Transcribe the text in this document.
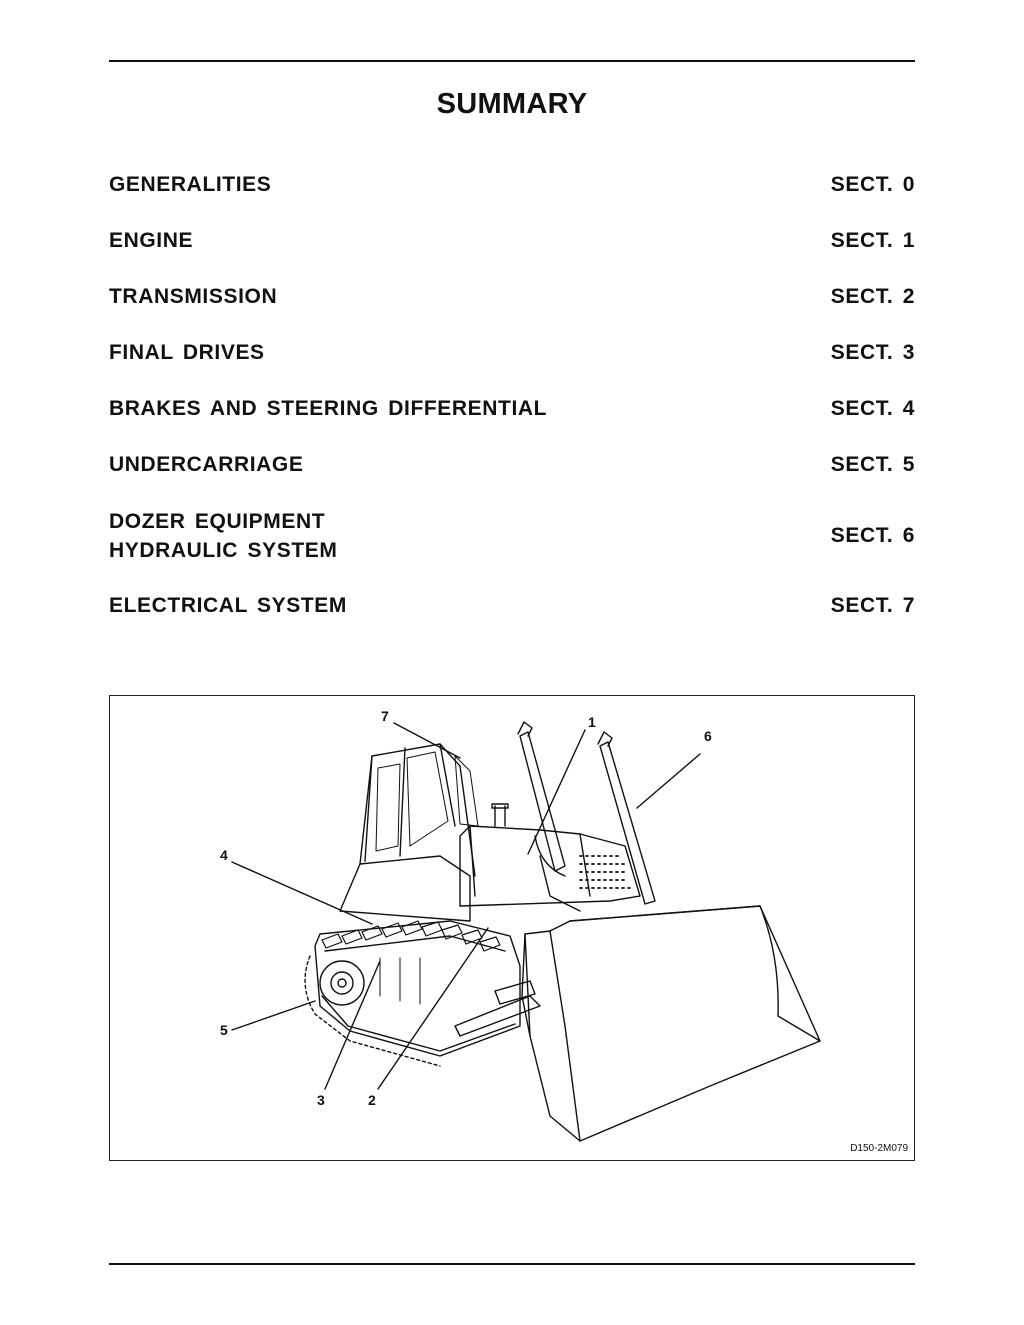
SUMMARY
GENERALITIES	SECT. 0
ENGINE	SECT. 1
TRANSMISSION	SECT. 2
FINAL DRIVES	SECT. 3
BRAKES AND STEERING DIFFERENTIAL	SECT. 4
UNDERCARRIAGE	SECT. 5
DOZER EQUIPMENT
HYDRAULIC SYSTEM
SECT. 6
ELECTRICAL SYSTEM	SECT. 7
7	1
6
4
5
3	2
D150-2M079
